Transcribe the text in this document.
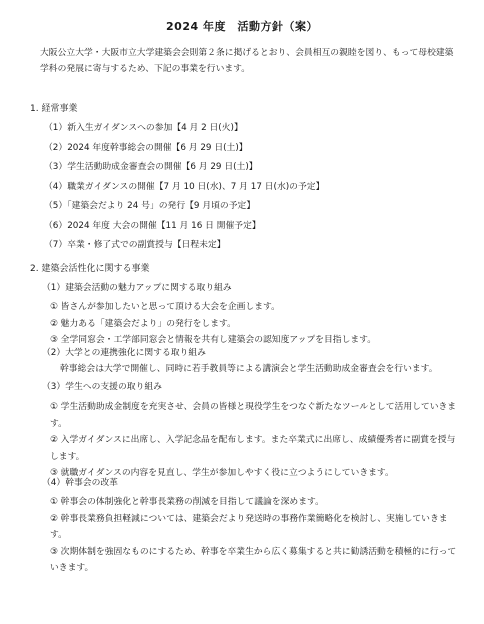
2024 年度　活動方針（案）
大阪公立大学・大阪市立大学建築会会則第２条に掲げるとおり、会員相互の親睦を図り、もって母校建築学科の発展に寄与するため、下記の事業を行います。
1. 経常事業
（1）新入生ガイダンスへの参加【4 月 2 日(火)】
（2）2024 年度幹事総会の開催【6 月 29 日(土)】
（3）学生活動助成金審査会の開催【6 月 29 日(土)】
（4）職業ガイダンスの開催【7 月 10 日(水)、7 月 17 日(水)の予定】
（5）「建築会だより 24 号」の発行【9 月頃の予定】
（6）2024 年度 大会の開催【11 月 16 日 開催予定】
（7）卒業・修了式での副賞授与【日程未定】
2. 建築会活性化に関する事業
（1）建築会活動の魅力アップに関する取り組み
① 皆さんが参加したいと思って頂ける大会を企画します。
② 魅力ある「建築会だより」の発行をします。
③ 全学同窓会・工学部同窓会と情報を共有し建築会の認知度アップを目指します。
（2）大学との連携強化に関する取り組み
幹事総会は大学で開催し、同時に若手教員等による講演会と学生活動助成金審査会を行います。
（3）学生への支援の取り組み
① 学生活動助成金制度を充実させ、会員の皆様と現役学生をつなぐ新たなツールとして活用していきます。
② 入学ガイダンスに出席し、入学記念品を配布します。また卒業式に出席し、成績優秀者に副賞を授与します。
③ 就職ガイダンスの内容を見直し、学生が参加しやすく役に立つようにしていきます。
（4）幹事会の改革
① 幹事会の体制強化と幹事長業務の削減を目指して議論を深めます。
② 幹事長業務負担軽減については、建築会だより発送時の事務作業簡略化を検討し、実施していきます。
③ 次期体制を強固なものにするため、幹事を卒業生から広く募集すると共に勧誘活動を積極的に行っていきます。
